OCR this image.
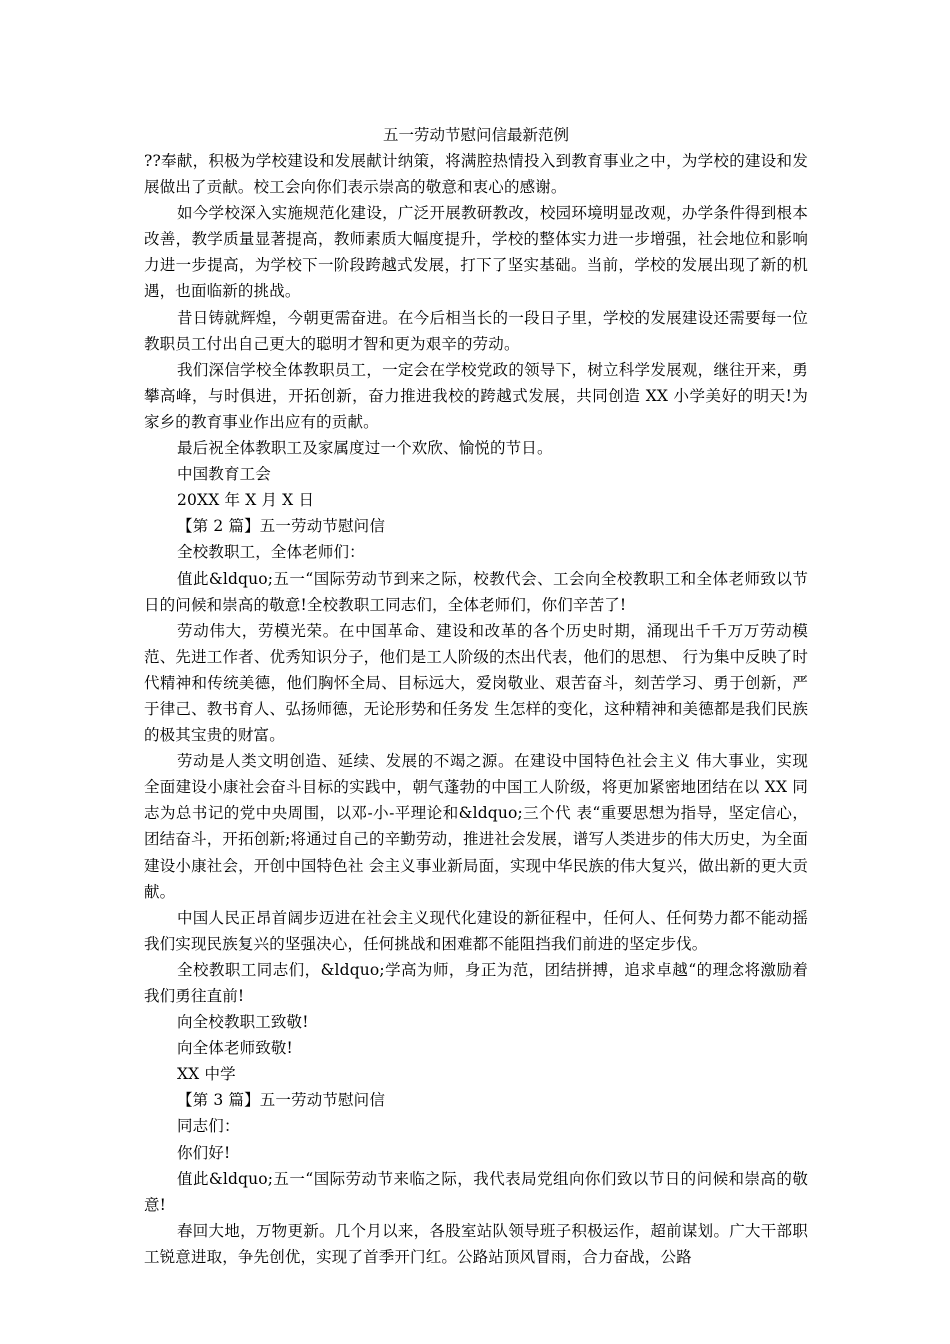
五一劳动节慰问信最新范例

??奉献，积极为学校建设和发展献计纳策，将满腔热情投入到教育事业之中，为学校的建设和发展做出了贡献。校工会向你们表示崇高的敬意和衷心的感谢。

如今学校深入实施规范化建设，广泛开展教研教改，校园环境明显改观，办学条件得到根本改善，教学质量显著提高，教师素质大幅度提升，学校的整体实力进一步增强，社会地位和影响力进一步提高，为学校下一阶段跨越式发展，打下了坚实基础。当前，学校的发展出现了新的机遇，也面临新的挑战。

昔日铸就辉煌，今朝更需奋进。在今后相当长的一段日子里，学校的发展建设还需要每一位教职员工付出自己更大的聪明才智和更为艰辛的劳动。

我们深信学校全体教职员工，一定会在学校党政的领导下，树立科学发展观，继往开来，勇攀高峰，与时俱进，开拓创新，奋力推进我校的跨越式发展，共同创造 XX 小学美好的明天!为家乡的教育事业作出应有的贡献。

最后祝全体教职工及家属度过一个欢欣、愉悦的节日。

中国教育工会

20XX 年 X 月 X 日

【第 2 篇】五一劳动节慰问信

全校教职工，全体老师们：

值此&ldquo;五一“国际劳动节到来之际，校教代会、工会向全校教职工和全体老师致以节日的问候和崇高的敬意!全校教职工同志们，全体老师们，你们辛苦了!

劳动伟大，劳模光荣。在中国革命、建设和改革的各个历史时期，涌现出千千万万劳动模范、先进工作者、优秀知识分子，他们是工人阶级的杰出代表，他们的思想、 行为集中反映了时代精神和传统美德，他们胸怀全局、目标远大，爱岗敬业、艰苦奋斗，刻苦学习、勇于创新，严于律己、教书育人、弘扬师德，无论形势和任务发 生怎样的变化，这种精神和美德都是我们民族的极其宝贵的财富。

劳动是人类文明创造、延续、发展的不竭之源。在建设中国特色社会主义 伟大事业，实现全面建设小康社会奋斗目标的实践中，朝气蓬勃的中国工人阶级，将更加紧密地团结在以 XX 同志为总书记的党中央周围，以邓-小-平理论和&ldquo;三个代 表“重要思想为指导，坚定信心，团结奋斗，开拓创新;将通过自己的辛勤劳动，推进社会发展，谱写人类进步的伟大历史，为全面建设小康社会，开创中国特色社 会主义事业新局面，实现中华民族的伟大复兴，做出新的更大贡献。

中国人民正昂首阔步迈进在社会主义现代化建设的新征程中，任何人、任何势力都不能动摇我们实现民族复兴的坚强决心，任何挑战和困难都不能阻挡我们前进的坚定步伐。

全校教职工同志们，&ldquo;学高为师，身正为范，团结拼搏，追求卓越“的理念将激励着我们勇往直前!

向全校教职工致敬!

向全体老师致敬!

XX 中学

【第 3 篇】五一劳动节慰问信

同志们：

你们好!

值此&ldquo;五一“国际劳动节来临之际，我代表局党组向你们致以节日的问候和崇高的敬意!

春回大地，万物更新。几个月以来，各股室站队领导班子积极运作，超前谋划。广大干部职工锐意进取，争先创优，实现了首季开门红。公路站顶风冒雨，合力奋战，公路
